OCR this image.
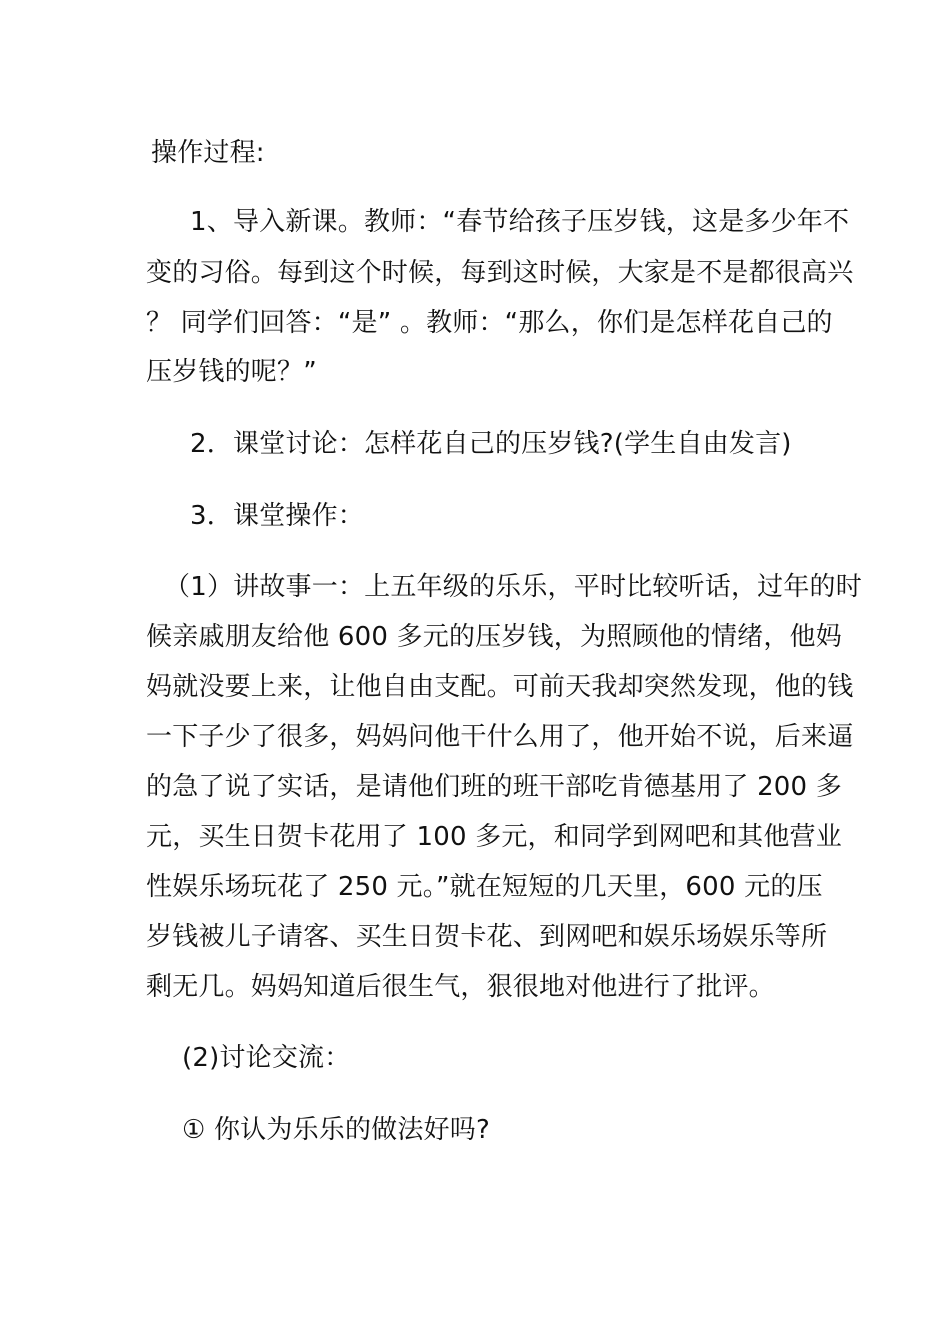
操作过程:
1、导入新课。教师：“春节给孩子压岁钱，这是多少年不
变的习俗。每到这个时候，每到这时候，大家是不是都很高兴
？ 同学们回答：“是” 。教师：“那么，你们是怎样花自己的
压岁钱的呢？”
2．课堂讨论：怎样花自己的压岁钱?(学生自由发言)
3．课堂操作：
（1）讲故事一：上五年级的乐乐，平时比较听话，过年的时
候亲戚朋友给他 600 多元的压岁钱，为照顾他的情绪，他妈
妈就没要上来，让他自由支配。可前天我却突然发现，他的钱
一下子少了很多，妈妈问他干什么用了，他开始不说，后来逼
的急了说了实话，是请他们班的班干部吃肯德基用了 200 多
元，买生日贺卡花用了 100 多元，和同学到网吧和其他营业
性娱乐场玩花了 250 元。”就在短短的几天里，600 元的压
岁钱被儿子请客、买生日贺卡花、到网吧和娱乐场娱乐等所
剩无几。妈妈知道后很生气，狠很地对他进行了批评。
(2)讨论交流：
① 你认为乐乐的做法好吗?
